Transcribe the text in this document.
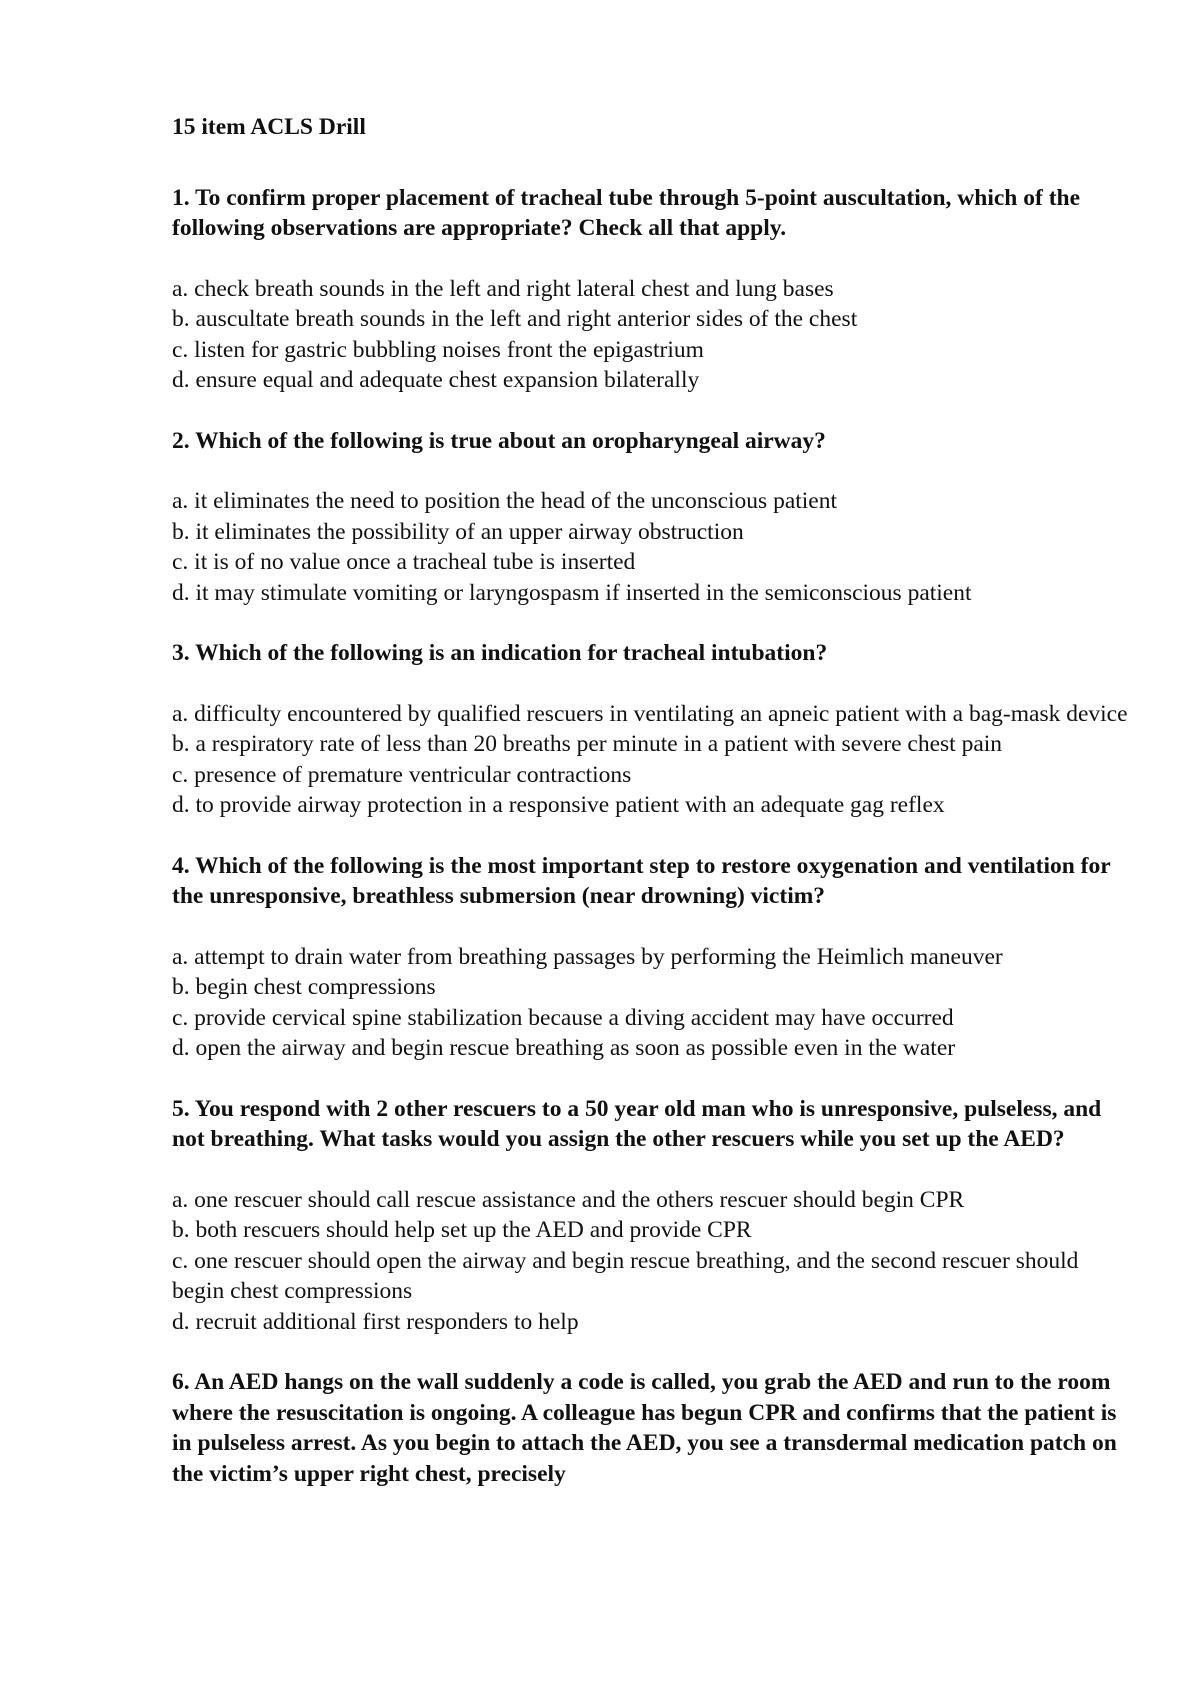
15 item ACLS Drill
1. To confirm proper placement of tracheal tube through 5-point auscultation, which of the following observations are appropriate? Check all that apply.
a. check breath sounds in the left and right lateral chest and lung bases
b. auscultate breath sounds in the left and right anterior sides of the chest
c. listen for gastric bubbling noises front the epigastrium
d. ensure equal and adequate chest expansion bilaterally
2. Which of the following is true about an oropharyngeal airway?
a. it eliminates the need to position the head of the unconscious patient
b. it eliminates the possibility of an upper airway obstruction
c. it is of no value once a tracheal tube is inserted
d. it may stimulate vomiting or laryngospasm if inserted in the semiconscious patient
3. Which of the following is an indication for tracheal intubation?
a. difficulty encountered by qualified rescuers in ventilating an apneic patient with a bag-mask device
b. a respiratory rate of less than 20 breaths per minute in a patient with severe chest pain
c. presence of premature ventricular contractions
d. to provide airway protection in a responsive patient with an adequate gag reflex
4. Which of the following is the most important step to restore oxygenation and ventilation for the unresponsive, breathless submersion (near drowning) victim?
a. attempt to drain water from breathing passages by performing the Heimlich maneuver
b. begin chest compressions
c. provide cervical spine stabilization because a diving accident may have occurred
d. open the airway and begin rescue breathing as soon as possible even in the water
5. You respond with 2 other rescuers to a 50 year old man who is unresponsive, pulseless, and not breathing. What tasks would you assign the other rescuers while you set up the AED?
a. one rescuer should call rescue assistance and the others rescuer should begin CPR
b. both rescuers should help set up the AED and provide CPR
c. one rescuer should open the airway and begin rescue breathing, and the second rescuer should begin chest compressions
d. recruit additional first responders to help
6. An AED hangs on the wall suddenly a code is called, you grab the AED and run to the room where the resuscitation is ongoing. A colleague has begun CPR and confirms that the patient is in pulseless arrest. As you begin to attach the AED, you see a transdermal medication patch on the victim’s upper right chest, precisely
